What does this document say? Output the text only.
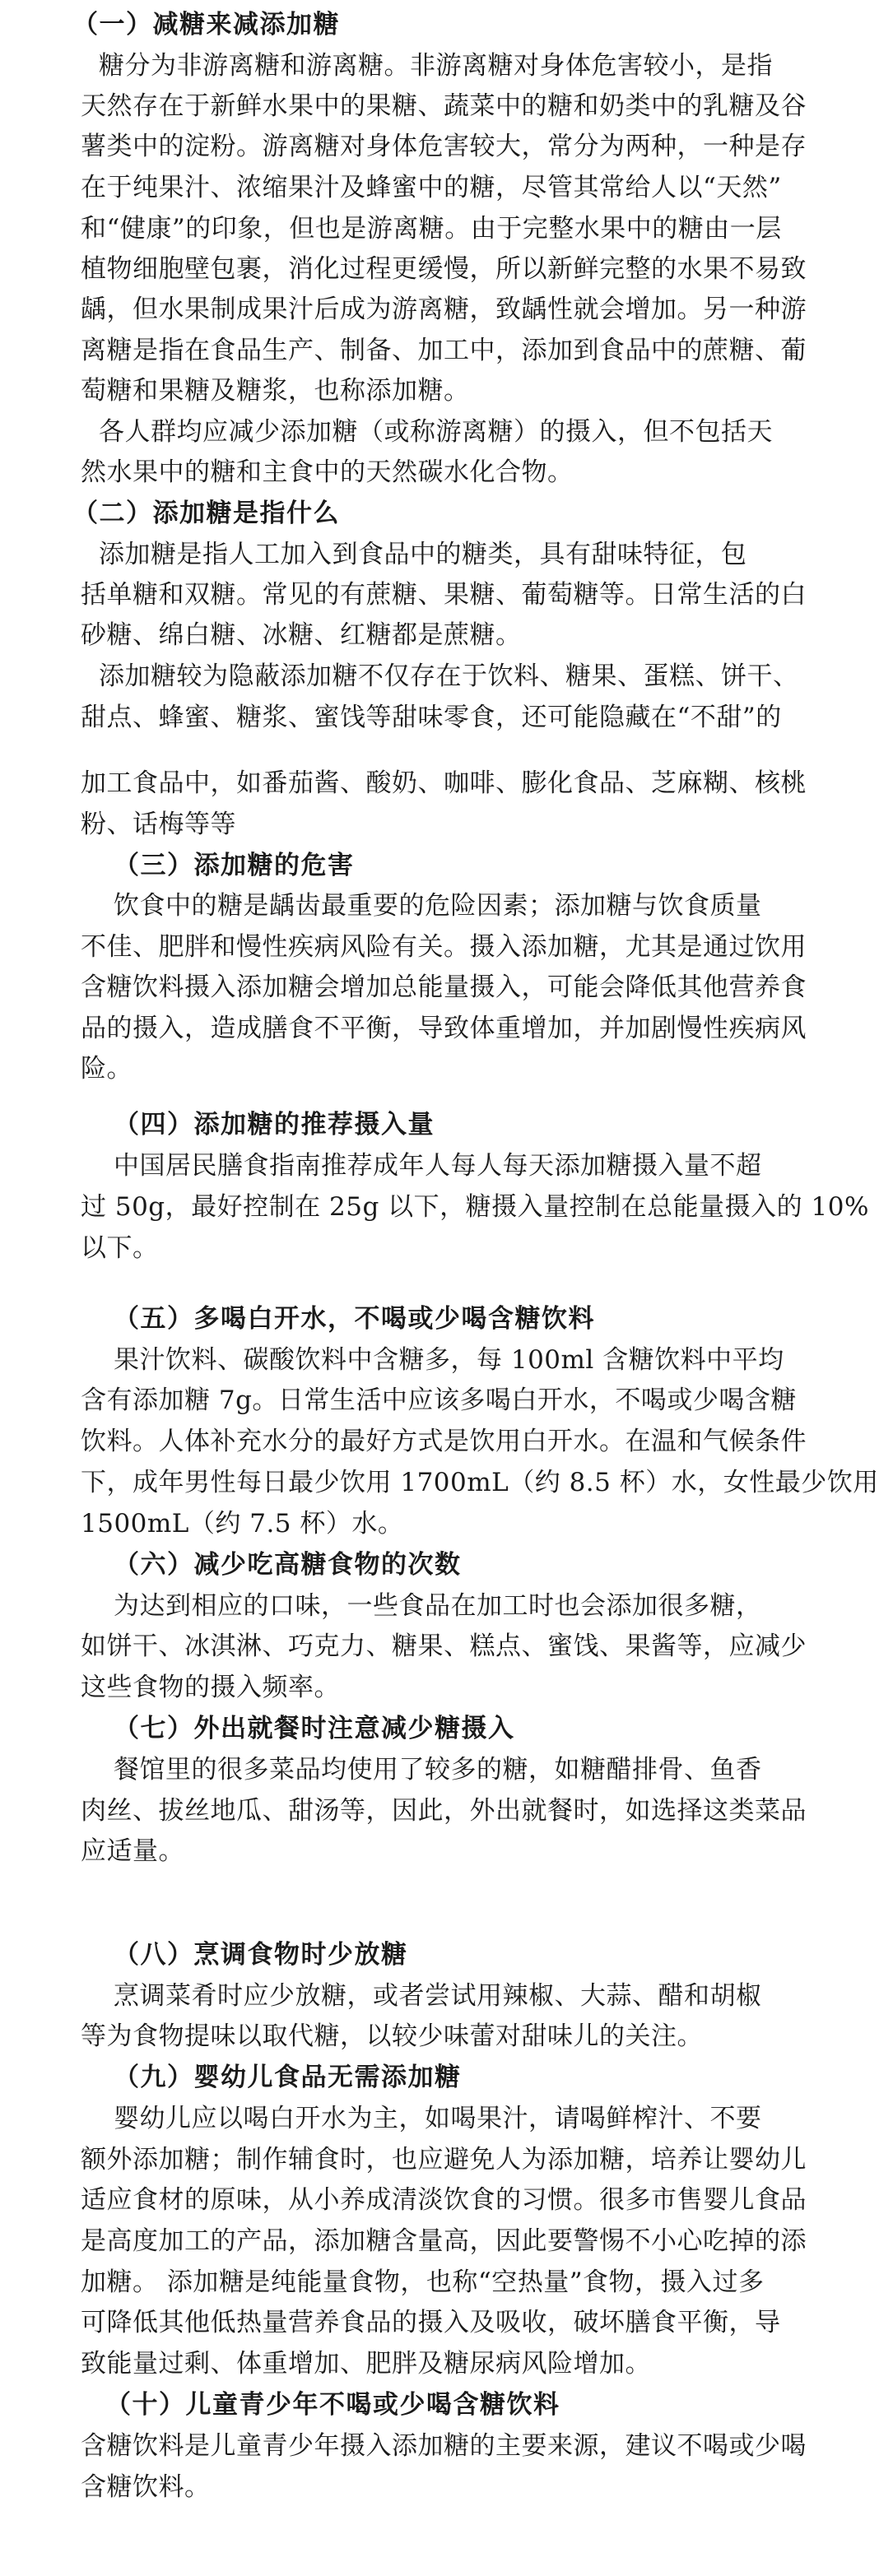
（一）减糖来减添加糖
糖分为非游离糖和游离糖。非游离糖对身体危害较小，是指
天然存在于新鲜水果中的果糖、蔬菜中的糖和奶类中的乳糖及谷
薯类中的淀粉。游离糖对身体危害较大，常分为两种，一种是存
在于纯果汁、浓缩果汁及蜂蜜中的糖，尽管其常给人以“天然”
和“健康”的印象，但也是游离糖。由于完整水果中的糖由一层
植物细胞壁包裹，消化过程更缓慢，所以新鲜完整的水果不易致
龋，但水果制成果汁后成为游离糖，致龋性就会增加。另一种游
离糖是指在食品生产、制备、加工中，添加到食品中的蔗糖、葡
萄糖和果糖及糖浆，也称添加糖。
各人群均应减少添加糖（或称游离糖）的摄入，但不包括天
然水果中的糖和主食中的天然碳水化合物。
（二）添加糖是指什么
添加糖是指人工加入到食品中的糖类，具有甜味特征，包
括单糖和双糖。常见的有蔗糖、果糖、葡萄糖等。日常生活的白
砂糖、绵白糖、冰糖、红糖都是蔗糖。
添加糖较为隐蔽添加糖不仅存在于饮料、糖果、蛋糕、饼干、
甜点、蜂蜜、糖浆、蜜饯等甜味零食，还可能隐藏在“不甜”的
加工食品中，如番茄酱、酸奶、咖啡、膨化食品、芝麻糊、核桃
粉、话梅等等
（三）添加糖的危害
饮食中的糖是龋齿最重要的危险因素；添加糖与饮食质量
不佳、肥胖和慢性疾病风险有关。摄入添加糖，尤其是通过饮用
含糖饮料摄入添加糖会增加总能量摄入，可能会降低其他营养食
品的摄入，造成膳食不平衡，导致体重增加，并加剧慢性疾病风
险。
（四）添加糖的推荐摄入量
中国居民膳食指南推荐成年人每人每天添加糖摄入量不超
过 50g，最好控制在 25g 以下，糖摄入量控制在总能量摄入的 10%
以下。
（五）多喝白开水，不喝或少喝含糖饮料
果汁饮料、碳酸饮料中含糖多，每 100ml 含糖饮料中平均
含有添加糖 7g。日常生活中应该多喝白开水，不喝或少喝含糖
饮料。人体补充水分的最好方式是饮用白开水。在温和气候条件
下，成年男性每日最少饮用 1700mL（约 8.5 杯）水，女性最少饮用
1500mL（约 7.5 杯）水。
（六）减少吃高糖食物的次数
为达到相应的口味，一些食品在加工时也会添加很多糖，
如饼干、冰淇淋、巧克力、糖果、糕点、蜜饯、果酱等，应减少
这些食物的摄入频率。
（七）外出就餐时注意减少糖摄入
餐馆里的很多菜品均使用了较多的糖，如糖醋排骨、鱼香
肉丝、拔丝地瓜、甜汤等，因此，外出就餐时，如选择这类菜品
应适量。
（八）烹调食物时少放糖
烹调菜肴时应少放糖，或者尝试用辣椒、大蒜、醋和胡椒
等为食物提味以取代糖，以较少味蕾对甜味儿的关注。
（九）婴幼儿食品无需添加糖
婴幼儿应以喝白开水为主，如喝果汁，请喝鲜榨汁、不要
额外添加糖；制作辅食时，也应避免人为添加糖，培养让婴幼儿
适应食材的原味，从小养成清淡饮食的习惯。很多市售婴儿食品
是高度加工的产品，添加糖含量高，因此要警惕不小心吃掉的添
加糖。 添加糖是纯能量食物，也称“空热量”食物，摄入过多
可降低其他低热量营养食品的摄入及吸收，破坏膳食平衡，导
致能量过剩、体重增加、肥胖及糖尿病风险增加。
（十）儿童青少年不喝或少喝含糖饮料
含糖饮料是儿童青少年摄入添加糖的主要来源，建议不喝或少喝
含糖饮料。
